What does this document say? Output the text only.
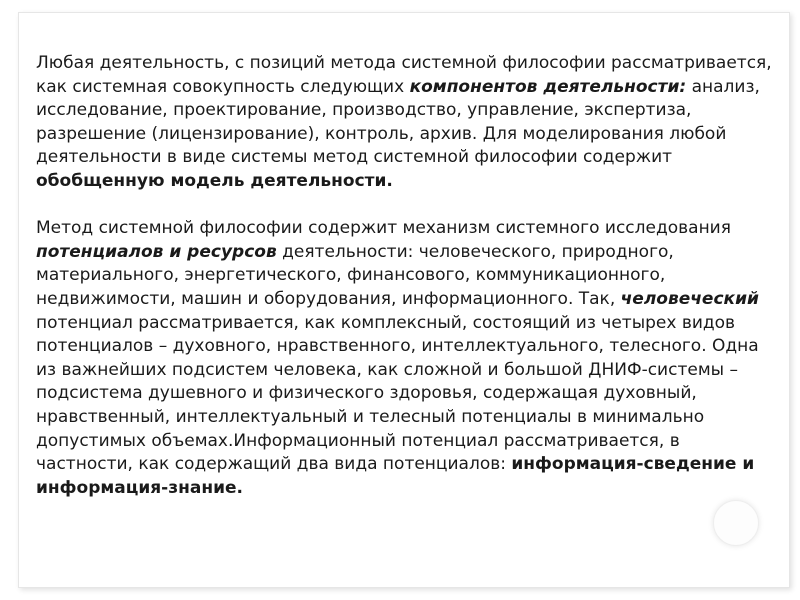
Любая деятельность, с позиций метода системной философии рассматривается, как системная совокупность следующих компонентов деятельности: анализ, исследование, проектирование, производство, управление, экспертиза, разрешение (лицензирование), контроль, архив. Для моделирования любой деятельности в виде системы метод системной философии содержит обобщенную модель деятельности.

Метод системной философии содержит механизм системного исследования потенциалов и ресурсов деятельности: человеческого, природного, материального, энергетического, финансового, коммуникационного, недвижимости, машин и оборудования, информационного. Так, человеческий потенциал рассматривается, как комплексный, состоящий из четырех видов потенциалов – духовного, нравственного, интеллектуального, телесного. Одна из важнейших подсистем человека, как сложной и большой ДНИФ-системы – подсистема душевного и физического здоровья, содержащая духовный, нравственный, интеллектуальный и телесный потенциалы в минимально допустимых объемах.Информационный потенциал рассматривается, в частности, как содержащий два вида потенциалов: информация-сведение и информация-знание.
